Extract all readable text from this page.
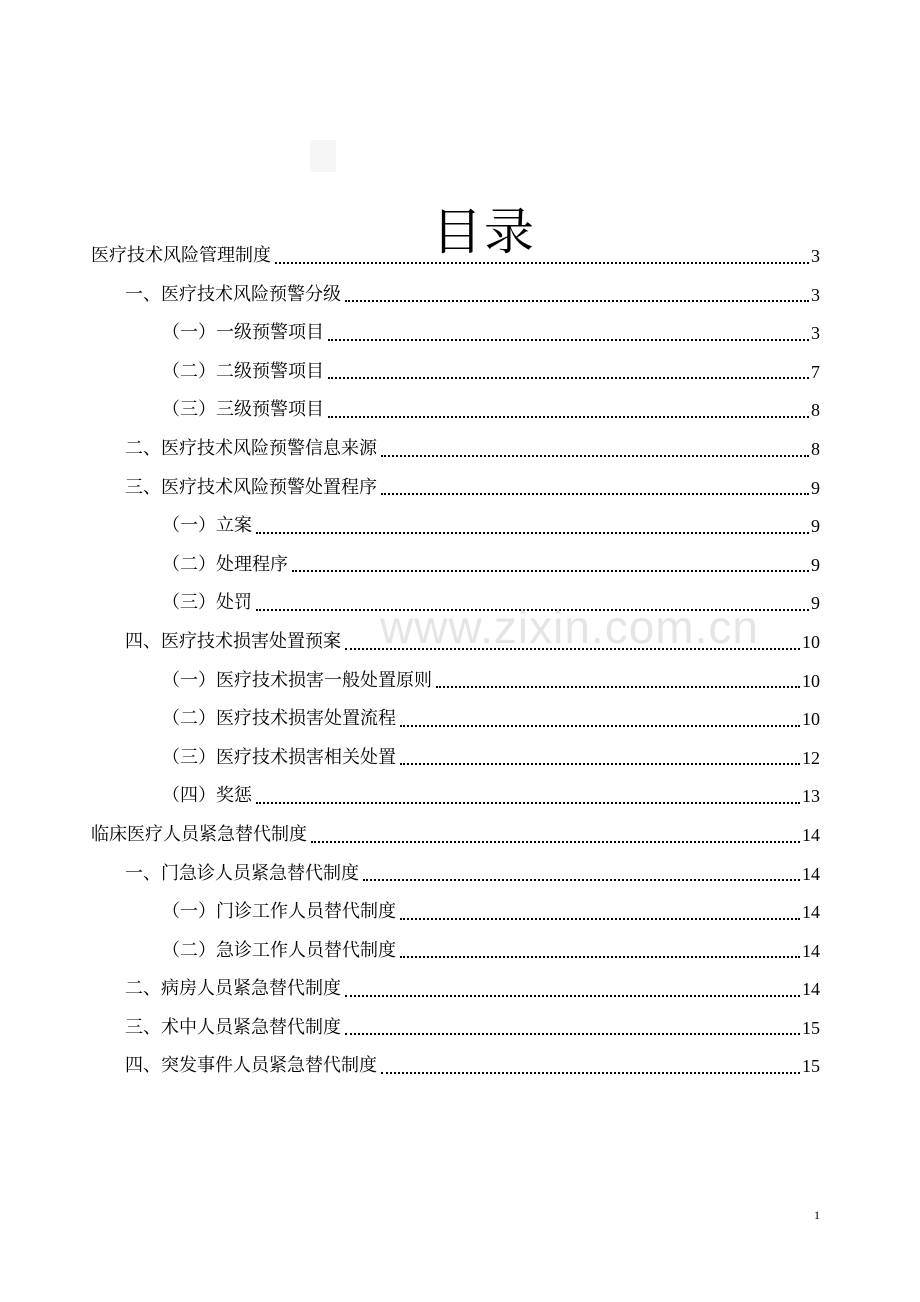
目录
医疗技术风险管理制度	3
一、医疗技术风险预警分级	3
（一）一级预警项目	3
（二）二级预警项目	7
（三）三级预警项目	8
二、医疗技术风险预警信息来源	8
三、医疗技术风险预警处置程序	9
（一）立案	9
（二）处理程序	9
（三）处罚	9
四、医疗技术损害处置预案	10
（一）医疗技术损害一般处置原则	10
（二）医疗技术损害处置流程	10
（三）医疗技术损害相关处置	12
（四）奖惩	13
临床医疗人员紧急替代制度	14
一、门急诊人员紧急替代制度	14
（一）门诊工作人员替代制度	14
（二）急诊工作人员替代制度	14
二、病房人员紧急替代制度	14
三、术中人员紧急替代制度	15
四、突发事件人员紧急替代制度	15
www.zixin.com.cn
1
